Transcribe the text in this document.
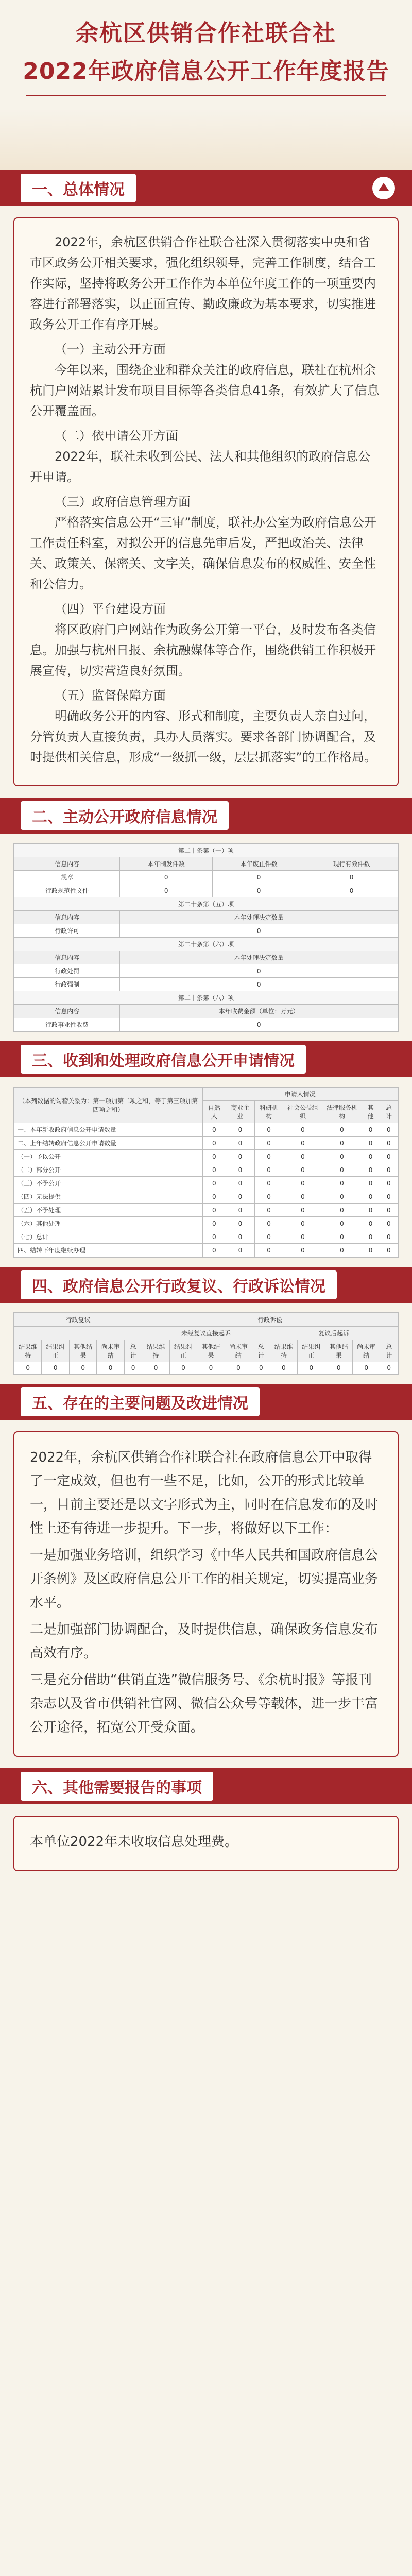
余杭区供销合作社联合社
2022年政府信息公开工作年度报告
一、总体情况

2022年，余杭区供销合作社联合社深入贯彻落实中央和省市区政务公开相关要求，强化组织领导，完善工作制度，结合工作实际，坚持将政务公开工作作为本单位年度工作的一项重要内容进行部署落实，以正面宣传、勤政廉政为基本要求，切实推进政务公开工作有序开展。

（一）主动公开方面

今年以来，围绕企业和群众关注的政府信息，联社在杭州余杭门户网站累计发布项目目标等各类信息41条，有效扩大了信息公开覆盖面。

（二）依申请公开方面

2022年，联社未收到公民、法人和其他组织的政府信息公开申请。

（三）政府信息管理方面

严格落实信息公开“三审”制度，联社办公室为政府信息公开工作责任科室，对拟公开的信息先审后发，严把政治关、法律关、政策关、保密关、文字关，确保信息发布的权威性、安全性和公信力。

（四）平台建设方面

将区政府门户网站作为政务公开第一平台，及时发布各类信息。加强与杭州日报、余杭融媒体等合作，围绕供销工作积极开展宣传，切实营造良好氛围。

（五）监督保障方面

明确政务公开的内容、形式和制度，主要负责人亲自过问，分管负责人直接负责，具办人员落实。要求各部门协调配合，及时提供相关信息，形成“一级抓一级，层层抓落实”的工作格局。

二、主动公开政府信息情况
第二十条第（一）项			
信息内容	本年制发件数	本年废止件数	现行有效件数
规章	0	0	0
行政规范性文件	0	0	0
第二十条第（五）项			
信息内容	本年处理决定数量		
行政许可	0		
第二十条第（六）项			
信息内容	本年处理决定数量		
行政处罚	0		
行政强制	0		
第二十条第（八）项			
信息内容	本年收费金额（单位：万元）		
行政事业性收费	0		
三、收到和处理政府信息公开申请情况
（本列数据的勾稽关系为：第一项加第二项之和，等于第三项加第四项之和）	申请人情况						
	自然人	商业企业	科研机构	社会公益组织	法律服务机构	其他	总计
一、本年新收政府信息公开申请数量	0	0	0	0	0	0	0
二、上年结转政府信息公开申请数量	0	0	0	0	0	0	0
（一）予以公开	0	0	0	0	0	0	0
（二）部分公开	0	0	0	0	0	0	0
（三）不予公开	0	0	0	0	0	0	0
（四）无法提供	0	0	0	0	0	0	0
（五）不予处理	0	0	0	0	0	0	0
（六）其他处理	0	0	0	0	0	0	0
（七）总计	0	0	0	0	0	0	0
四、结转下年度继续办理	0	0	0	0	0	0	0
四、政府信息公开行政复议、行政诉讼情况
行政复议					行政诉讼									
					未经复议直接起诉					复议后起诉				
结果维持	结果纠正	其他结果	尚未审结	总计	结果维持	结果纠正	其他结果	尚未审结	总计	结果维持	结果纠正	其他结果	尚未审结	总计
0	0	0	0	0	0	0	0	0	0	0	0	0	0	0
五、存在的主要问题及改进情况

2022年，余杭区供销合作社联合社在政府信息公开中取得了一定成效，但也有一些不足，比如，公开的形式比较单一，目前主要还是以文字形式为主，同时在信息发布的及时性上还有待进一步提升。下一步，将做好以下工作：

一是加强业务培训，组织学习《中华人民共和国政府信息公开条例》及区政府信息公开工作的相关规定，切实提高业务水平。

二是加强部门协调配合，及时提供信息，确保政务信息发布高效有序。

三是充分借助“供销直选”微信服务号、《余杭时报》等报刊杂志以及省市供销社官网、微信公众号等载体，进一步丰富公开途径，拓宽公开受众面。

六、其他需要报告的事项

本单位2022年未收取信息处理费。
